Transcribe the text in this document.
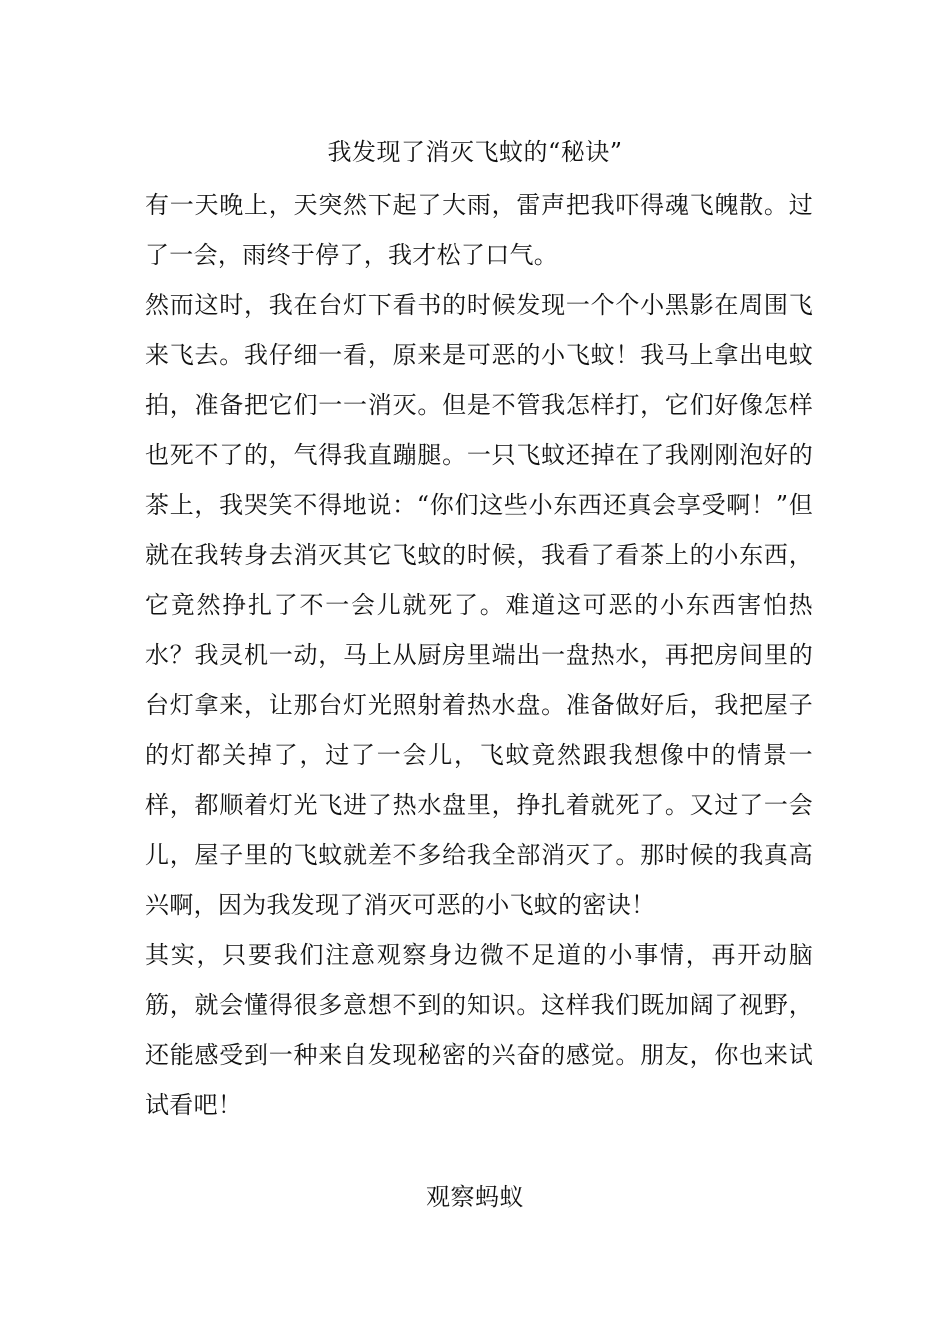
我发现了消灭飞蚊的“秘诀”

有一天晚上，天突然下起了大雨，雷声把我吓得魂飞魄散。过了一会，雨终于停了，我才松了口气。

然而这时，我在台灯下看书的时候发现一个个小黑影在周围飞来飞去。我仔细一看，原来是可恶的小飞蚊！我马上拿出电蚊拍，准备把它们一一消灭。但是不管我怎样打，它们好像怎样也死不了的，气得我直蹦腿。一只飞蚊还掉在了我刚刚泡好的茶上，我哭笑不得地说：“你们这些小东西还真会享受啊！”但就在我转身去消灭其它飞蚊的时候，我看了看茶上的小东西，它竟然挣扎了不一会儿就死了。难道这可恶的小东西害怕热水？我灵机一动，马上从厨房里端出一盘热水，再把房间里的台灯拿来，让那台灯光照射着热水盘。准备做好后，我把屋子的灯都关掉了，过了一会儿，飞蚊竟然跟我想像中的情景一样，都顺着灯光飞进了热水盘里，挣扎着就死了。又过了一会儿，屋子里的飞蚊就差不多给我全部消灭了。那时候的我真高兴啊，因为我发现了消灭可恶的小飞蚊的密诀！

其实，只要我们注意观察身边微不足道的小事情，再开动脑筋，就会懂得很多意想不到的知识。这样我们既加阔了视野，还能感受到一种来自发现秘密的兴奋的感觉。朋友，你也来试试看吧！

观察蚂蚁
